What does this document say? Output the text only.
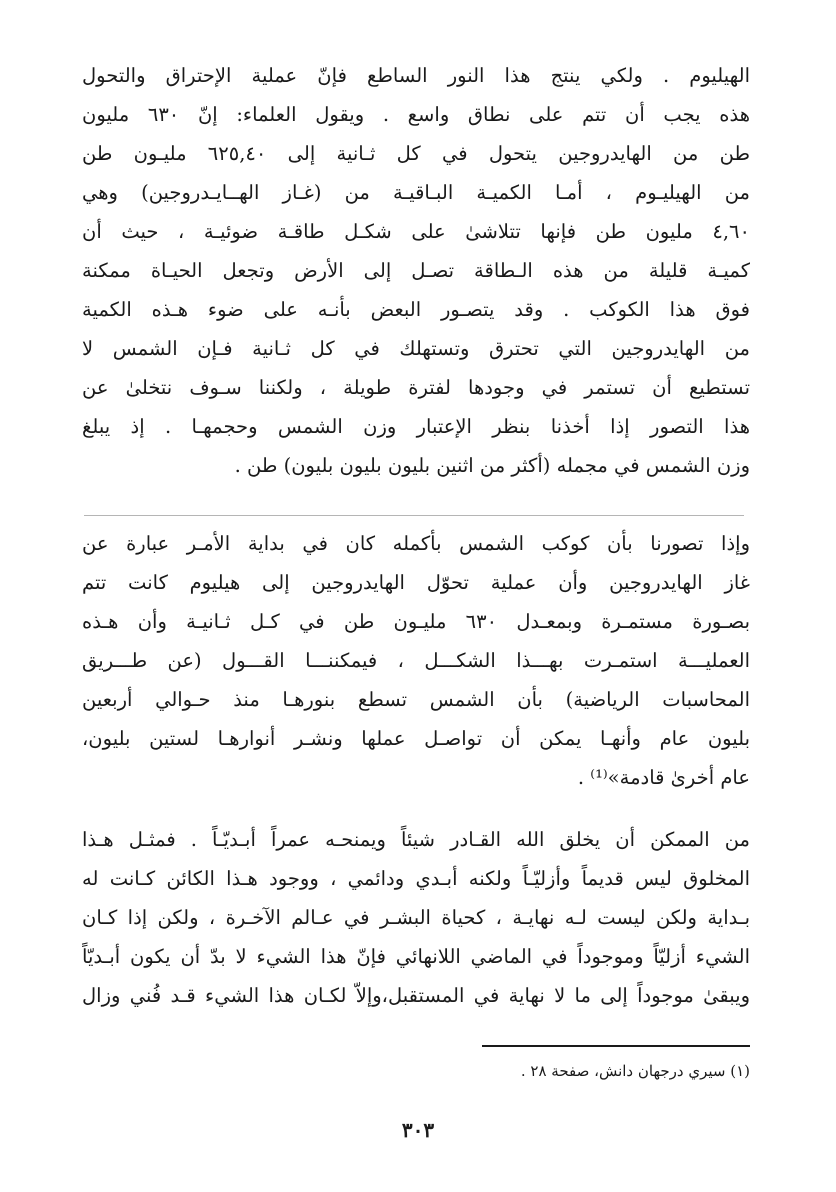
الهيليوم . ولكي ينتج هذا النور الساطع فإنّ عملية الإحتراق والتحول
هذه يجب أن تتم على نطاق واسع . ويقول العلماء: إنّ ٦٣٠ مليون
طن من الهايدروجين يتحول في كل ثـانية إلى ٦٢٥,٤٠ مليـون طن
من الهيليـوم ، أمـا الكميـة البـاقيـة من (غـاز الهــايـدروجين) وهي
٤,٦٠ مليون طن فإنها تتلاشىٰ على شكـل طاقـة ضوئيـة ، حيث أن
كميـة قليلة من هذه الـطاقة تصـل إلى الأرض وتجعل الحيـاة ممكنة
فوق هذا الكوكب . وقد يتصـور البعض بأنـه على ضوء هـذه الكمية
من الهايدروجين التي تحترق وتستهلك في كل ثـانية فـإن الشمس لا
تستطيع أن تستمر في وجودها لفترة طويلة ، ولكننا سـوف نتخلىٰ عن
هذا التصور إذا أخذنا بنظر الإعتبار وزن الشمس وحجمهـا . إذ يبلغ
وزن الشمس في مجمله (أكثر من اثنين بليون بليون بليون) طن .
وإذا تصورنا بأن كوكب الشمس بأكمله كان في بداية الأمـر عبارة عن
غاز الهايدروجين وأن عملية تحوّل الهايدروجين إلى هيليوم كانت تتم
بصـورة مستمـرة وبمعـدل ٦٣٠ مليـون طن في كـل ثـانيـة وأن هـذه
العمليـــة استمـرت بهـــذا الشكـــل ، فيمكننـــا القـــول (عن طـــريق
المحاسبات الرياضية) بأن الشمس تسطع بنورهـا منذ حـوالي أربعين
بليون عام وأنهـا يمكن أن تواصـل عملها ونشـر أنوارهـا لستين بليون،
عام أخرىٰ قادمة»⁽¹⁾ .
من الممكن أن يخلق الله القـادر شيئاً ويمنحـه عمراً أبـديّـاً . فمثـل هـذا
المخلوق ليس قديماً وأزليّـاً ولكنه أبـدي ودائمي ، ووجود هـذا الكائن كـانت له
بـداية ولكن ليست لـه نهايـة ، كحياة البشـر في عـالم الآخـرة ، ولكن إذا كـان
الشيء أزليّاً وموجوداً في الماضي اللانهائي فإنّ هذا الشيء لا بدّ أن يكون أبـديّاً
ويبقىٰ موجوداً إلى ما لا نهاية في المستقبل،وإلاّ لكـان هذا الشيء قـد فُني وزال
(١) سيري درجهان دانش، صفحة ٢٨ .
٣٠٣
